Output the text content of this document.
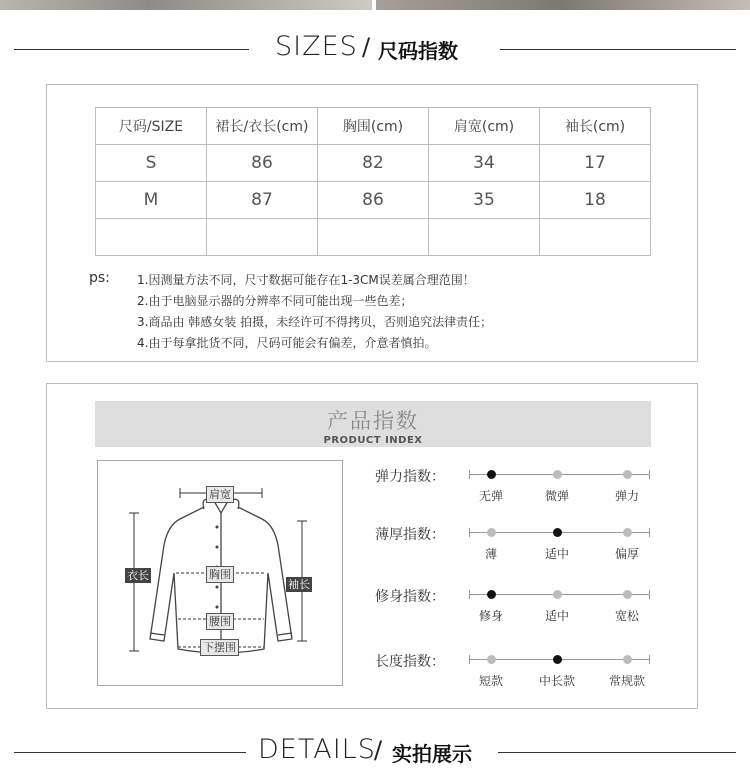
SIZES / 尺码指数
尺码/SIZE	裙长/衣长(cm)	胸围(cm)	肩宽(cm)	袖长(cm)
S	86	82	34	17
M	87	86	35	18

ps: 1.因测量方法不同，尺寸数据可能存在1-3CM误差属合理范围！
2.由于电脑显示器的分辨率不同可能出现一些色差；
3.商品由 韩感女装 拍摄，未经许可不得拷贝，否则追究法律责任；
4.由于每拿批货不同，尺码可能会有偏差，介意者慎拍。
产品指数
PRODUCT INDEX
肩宽
衣长	胸围
袖长
腰围
下摆围
弹力指数：
无弹	微弹	弹力
薄厚指数：
薄	适中	偏厚
修身指数：
修身	适中	宽松
长度指数：
短款	中长款	常规款
DETAILS
/ 实拍展示
